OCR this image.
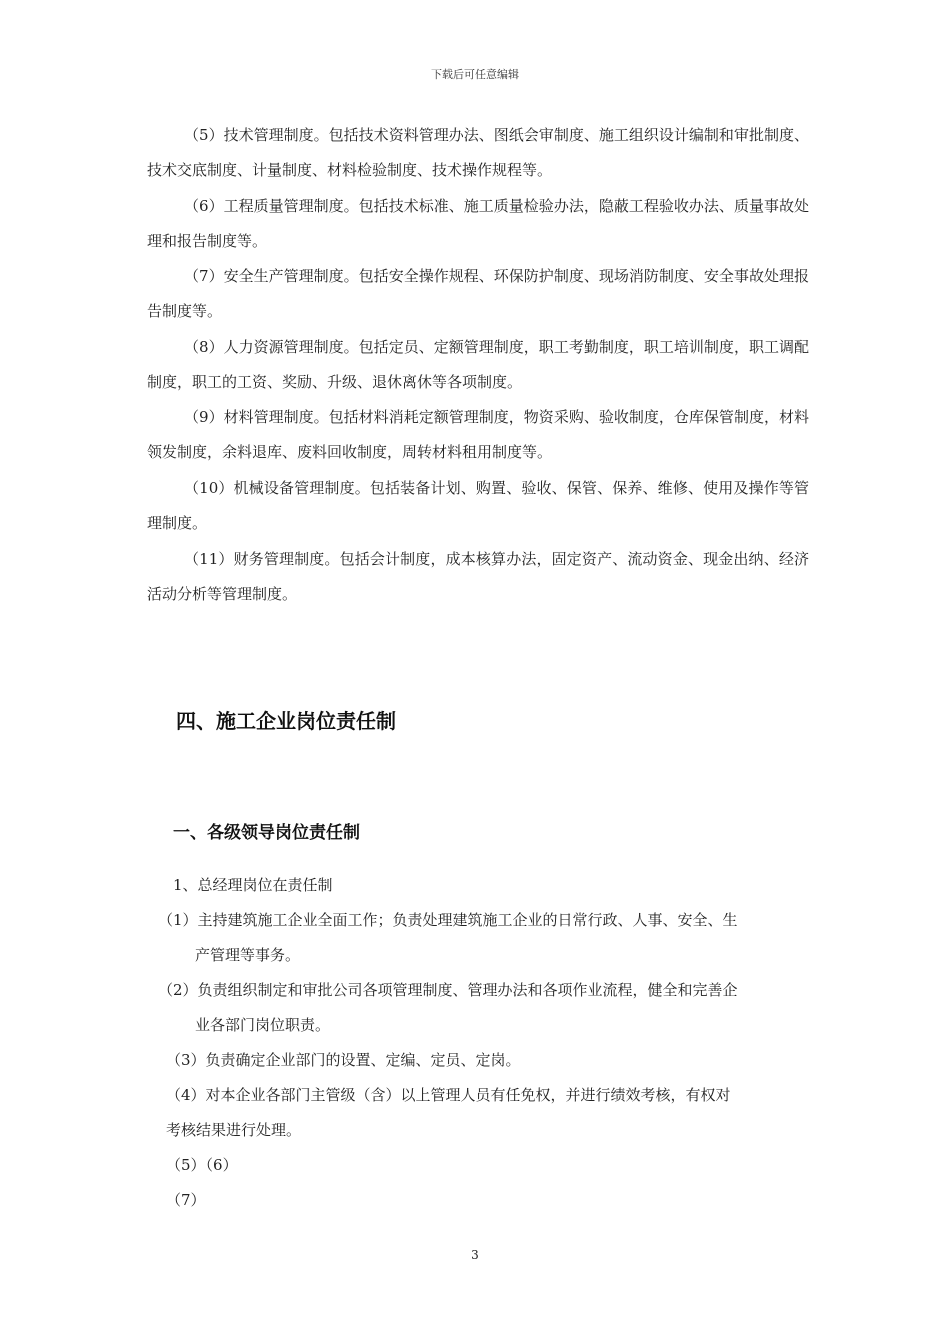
下载后可任意编辑

（5）技术管理制度。包括技术资料管理办法、图纸会审制度、施工组织设计编制和审批制度、技术交底制度、计量制度、材料检验制度、技术操作规程等。

（6）工程质量管理制度。包括技术标准、施工质量检验办法，隐蔽工程验收办法、质量事故处理和报告制度等。

（7）安全生产管理制度。包括安全操作规程、环保防护制度、现场消防制度、安全事故处理报告制度等。

（8）人力资源管理制度。包括定员、定额管理制度，职工考勤制度，职工培训制度，职工调配制度，职工的工资、奖励、升级、退休离休等各项制度。

（9）材料管理制度。包括材料消耗定额管理制度，物资采购、验收制度，仓库保管制度，材料领发制度，余料退库、废料回收制度，周转材料租用制度等。

（10）机械设备管理制度。包括装备计划、购置、验收、保管、保养、维修、使用及操作等管理制度。

（11）财务管理制度。包括会计制度，成本核算办法，固定资产、流动资金、现金出纳、经济活动分析等管理制度。

四、施工企业岗位责任制
一、各级领导岗位责任制

1、总经理岗位在责任制

（1）主持建筑施工企业全面工作；负责处理建筑施工企业的日常行政、人事、安全、生

产管理等事务。

（2）负责组织制定和审批公司各项管理制度、管理办法和各项作业流程，健全和完善企

业各部门岗位职责。

（3）负责确定企业部门的设置、定编、定员、定岗。

（4）对本企业各部门主管级（含）以上管理人员有任免权，并进行绩效考核，有权对

考核结果进行处理。

（5）（6）

（7）

3
